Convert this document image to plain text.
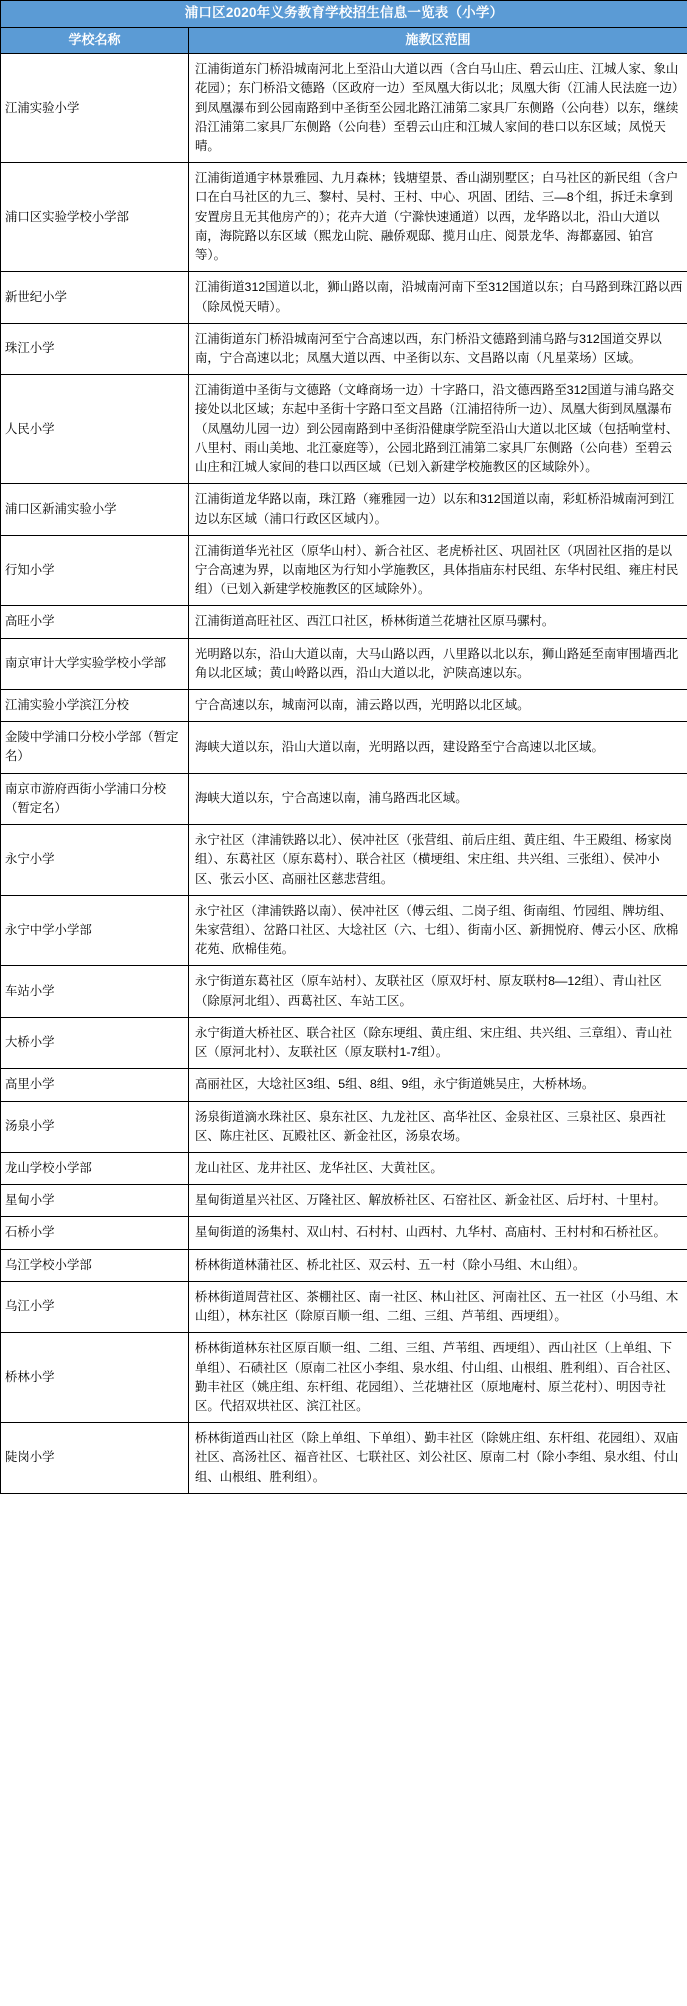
浦口区2020年义务教育学校招生信息一览表（小学）	
学校名称	施教区范围
江浦实验小学	江浦街道东门桥沿城南河北上至沿山大道以西（含白马山庄、碧云山庄、江城人家、象山花园）；东门桥沿文德路（区政府一边）至凤凰大街以北；凤凰大街（江浦人民法庭一边）到凤凰瀑布到公园南路到中圣街至公园北路江浦第二家具厂东侧路（公向巷）以东，继续沿江浦第二家具厂东侧路（公向巷）至碧云山庄和江城人家间的巷口以东区域；凤悦天晴。
浦口区实验学校小学部	江浦街道通宇林景雅园、九月森林；钱塘望景、香山湖别墅区；白马社区的新民组（含户口在白马社区的九三、黎村、吴村、王村、中心、巩固、团结、三—8个组，拆迁未拿到安置房且无其他房产的）；花卉大道（宁滁快速通道）以西，龙华路以北，沿山大道以南，海院路以东区域（熙龙山院、融侨观邸、揽月山庄、阅景龙华、海都嘉园、铂宫等）。
新世纪小学	江浦街道312国道以北，狮山路以南，沿城南河南下至312国道以东；白马路到珠江路以西（除凤悦天晴）。
珠江小学	江浦街道东门桥沿城南河至宁合高速以西，东门桥沿文德路到浦乌路与312国道交界以南，宁合高速以北；凤凰大道以西、中圣街以东、文昌路以南（凡星菜场）区域。
人民小学	江浦街道中圣街与文德路（文峰商场一边）十字路口，沿文德西路至312国道与浦乌路交接处以北区域；东起中圣街十字路口至文昌路（江浦招待所一边）、凤凰大街到凤凰瀑布（凤凰幼儿园一边）到公园南路到中圣街沿健康学院至沿山大道以北区域（包括响堂村、八里村、雨山美地、北江豪庭等），公园北路到江浦第二家具厂东侧路（公向巷）至碧云山庄和江城人家间的巷口以西区域（已划入新建学校施教区的区域除外）。
浦口区新浦实验小学	江浦街道龙华路以南，珠江路（雍雅园一边）以东和312国道以南，彩虹桥沿城南河到江边以东区域（浦口行政区区域内）。
行知小学	江浦街道华光社区（原华山村）、新合社区、老虎桥社区、巩固社区（巩固社区指的是以宁合高速为界，以南地区为行知小学施教区，具体指庙东村民组、东华村民组、雍庄村民组）（已划入新建学校施教区的区域除外）。
高旺小学	江浦街道高旺社区、西江口社区，桥林街道兰花塘社区原马骡村。
南京审计大学实验学校小学部	光明路以东，沿山大道以南，大马山路以西，八里路以北以东，狮山路延至南审围墙西北角以北区域；黄山岭路以西，沿山大道以北，沪陕高速以东。
江浦实验小学滨江分校	宁合高速以东，城南河以南，浦云路以西，光明路以北区域。
金陵中学浦口分校小学部（暂定名）	海峡大道以东，沿山大道以南，光明路以西，建设路至宁合高速以北区域。
南京市游府西街小学浦口分校（暂定名）	海峡大道以东，宁合高速以南，浦乌路西北区域。
永宁小学	永宁社区（津浦铁路以北）、侯冲社区（张营组、前后庄组、黄庄组、牛王殿组、杨家岗组）、东葛社区（原东葛村）、联合社区（横埂组、宋庄组、共兴组、三张组）、侯冲小区、张云小区、高丽社区慈悲营组。
永宁中学小学部	永宁社区（津浦铁路以南）、侯冲社区（傅云组、二岗子组、街南组、竹园组、牌坊组、朱家营组）、岔路口社区、大埝社区（六、七组）、街南小区、新拥悦府、傅云小区、欣棉花苑、欣棉佳苑。
车站小学	永宁街道东葛社区（原车站村）、友联社区（原双圩村、原友联村8—12组）、青山社区（除原河北组）、西葛社区、车站工区。
大桥小学	永宁街道大桥社区、联合社区（除东埂组、黄庄组、宋庄组、共兴组、三章组）、青山社区（原河北村）、友联社区（原友联村1-7组）。
高里小学	高丽社区，大埝社区3组、5组、8组、9组，永宁街道姚吴庄，大桥林场。
汤泉小学	汤泉街道滴水珠社区、泉东社区、九龙社区、高华社区、金泉社区、三泉社区、泉西社区、陈庄社区、瓦殿社区、新金社区，汤泉农场。
龙山学校小学部	龙山社区、龙井社区、龙华社区、大黄社区。
星甸小学	星甸街道星兴社区、万隆社区、解放桥社区、石窑社区、新金社区、后圩村、十里村。
石桥小学	星甸街道的汤集村、双山村、石村村、山西村、九华村、高庙村、王村村和石桥社区。
乌江学校小学部	桥林街道林蒲社区、桥北社区、双云村、五一村（除小马组、木山组）。
乌江小学	桥林街道周营社区、茶棚社区、南一社区、林山社区、河南社区、五一社区（小马组、木山组），林东社区（除原百顺一组、二组、三组、芦苇组、西埂组）。
桥林小学	桥林街道林东社区原百顺一组、二组、三组、芦苇组、西埂组）、西山社区（上单组、下单组）、石碛社区（原南二社区小李组、泉水组、付山组、山根组、胜利组）、百合社区、勤丰社区（姚庄组、东杆组、花园组）、兰花塘社区（原地庵村、原兰花村）、明因寺社区。代招双垬社区、滨江社区。
陡岗小学	桥林街道西山社区（除上单组、下单组）、勤丰社区（除姚庄组、东杆组、花园组）、双庙社区、高汤社区、福音社区、七联社区、刘公社区、原南二村（除小李组、泉水组、付山组、山根组、胜利组）。
